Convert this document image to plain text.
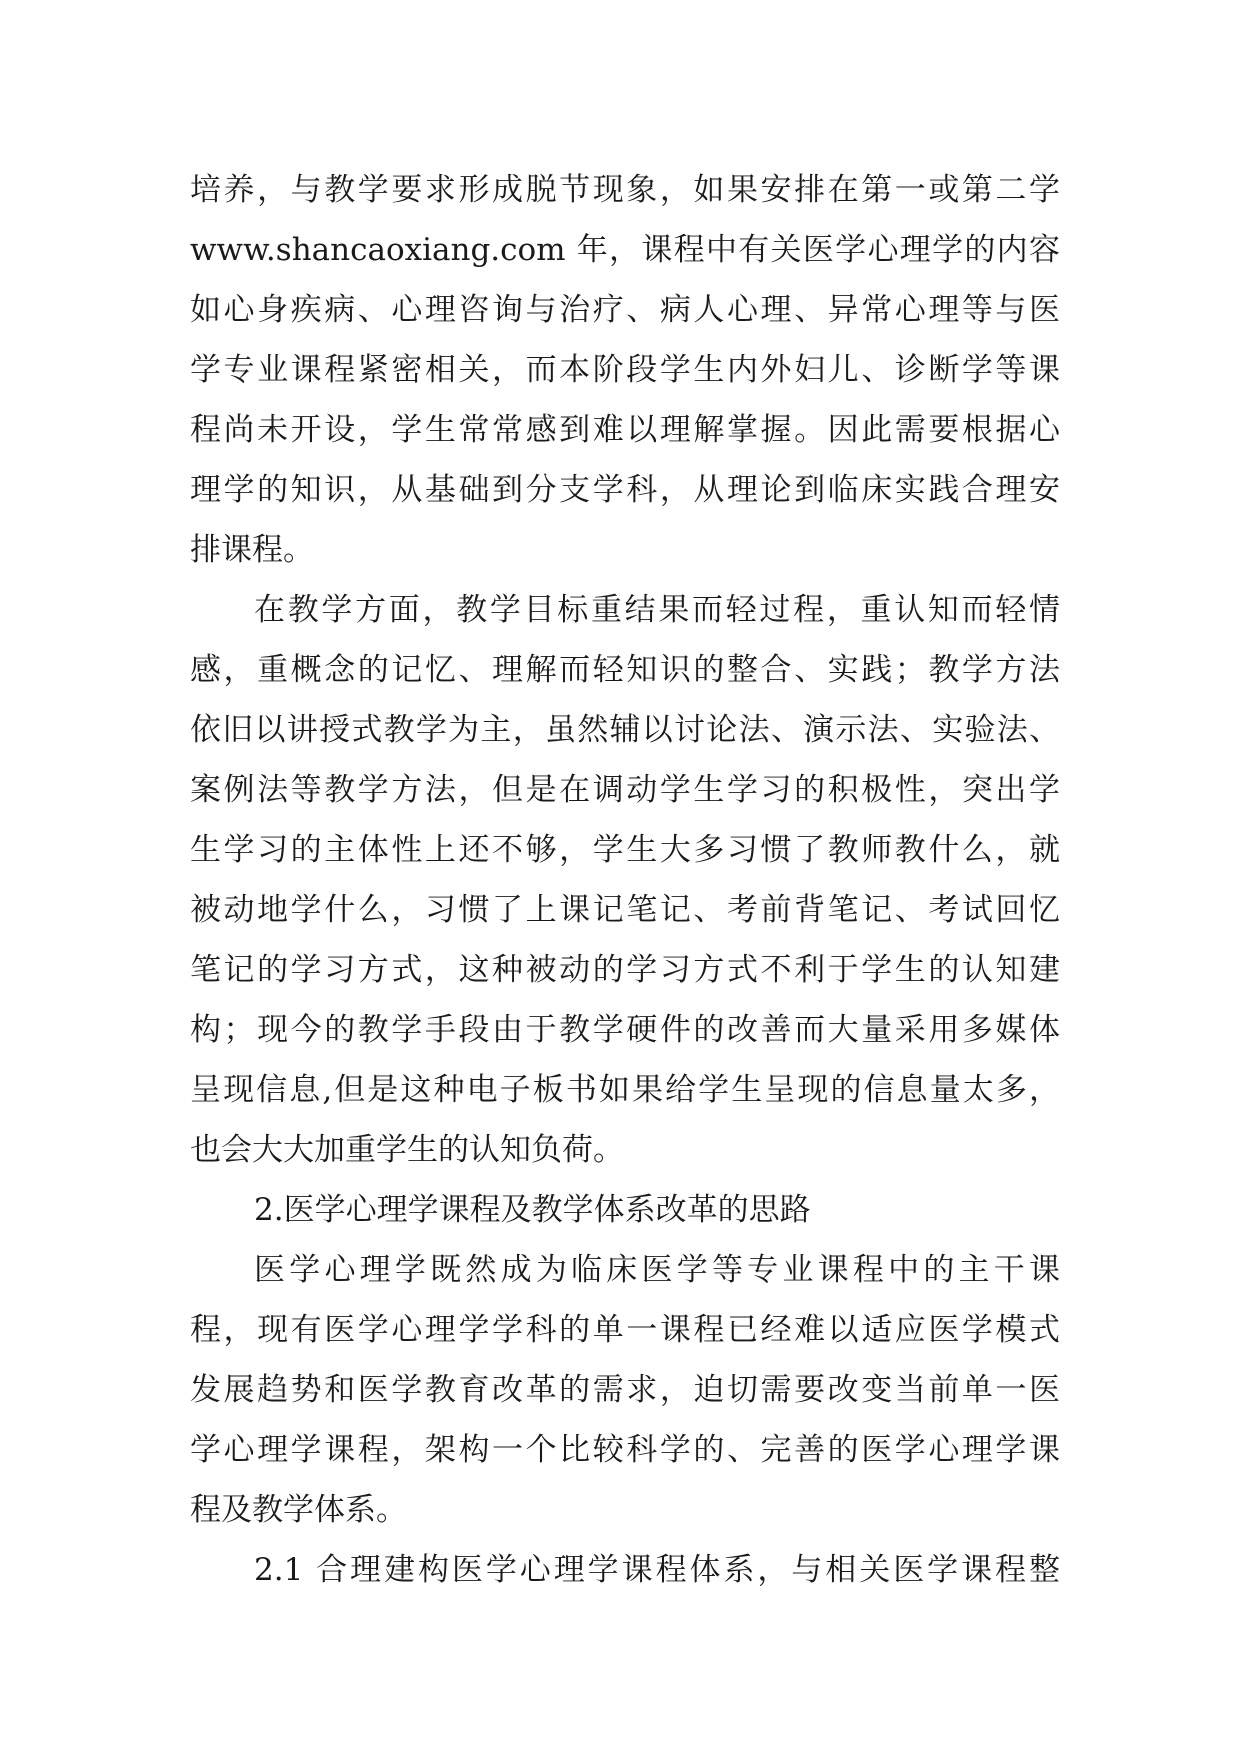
培养，与教学要求形成脱节现象，如果安排在第一或第二学
www.shancaoxiang.com 年，课程中有关医学心理学的内容
如心身疾病、心理咨询与治疗、病人心理、异常心理等与医
学专业课程紧密相关，而本阶段学生内外妇儿、诊断学等课
程尚未开设，学生常常感到难以理解掌握。因此需要根据心
理学的知识，从基础到分支学科，从理论到临床实践合理安
排课程。
在教学方面，教学目标重结果而轻过程，重认知而轻情
感，重概念的记忆、理解而轻知识的整合、实践；教学方法
依旧以讲授式教学为主，虽然辅以讨论法、演示法、实验法、
案例法等教学方法，但是在调动学生学习的积极性，突出学
生学习的主体性上还不够，学生大多习惯了教师教什么，就
被动地学什么，习惯了上课记笔记、考前背笔记、考试回忆
笔记的学习方式，这种被动的学习方式不利于学生的认知建
构；现今的教学手段由于教学硬件的改善而大量采用多媒体
呈现信息,但是这种电子板书如果给学生呈现的信息量太多，
也会大大加重学生的认知负荷。
2.医学心理学课程及教学体系改革的思路
医学心理学既然成为临床医学等专业课程中的主干课
程，现有医学心理学学科的单一课程已经难以适应医学模式
发展趋势和医学教育改革的需求，迫切需要改变当前单一医
学心理学课程，架构一个比较科学的、完善的医学心理学课
程及教学体系。
2.1 合理建构医学心理学课程体系，与相关医学课程整
